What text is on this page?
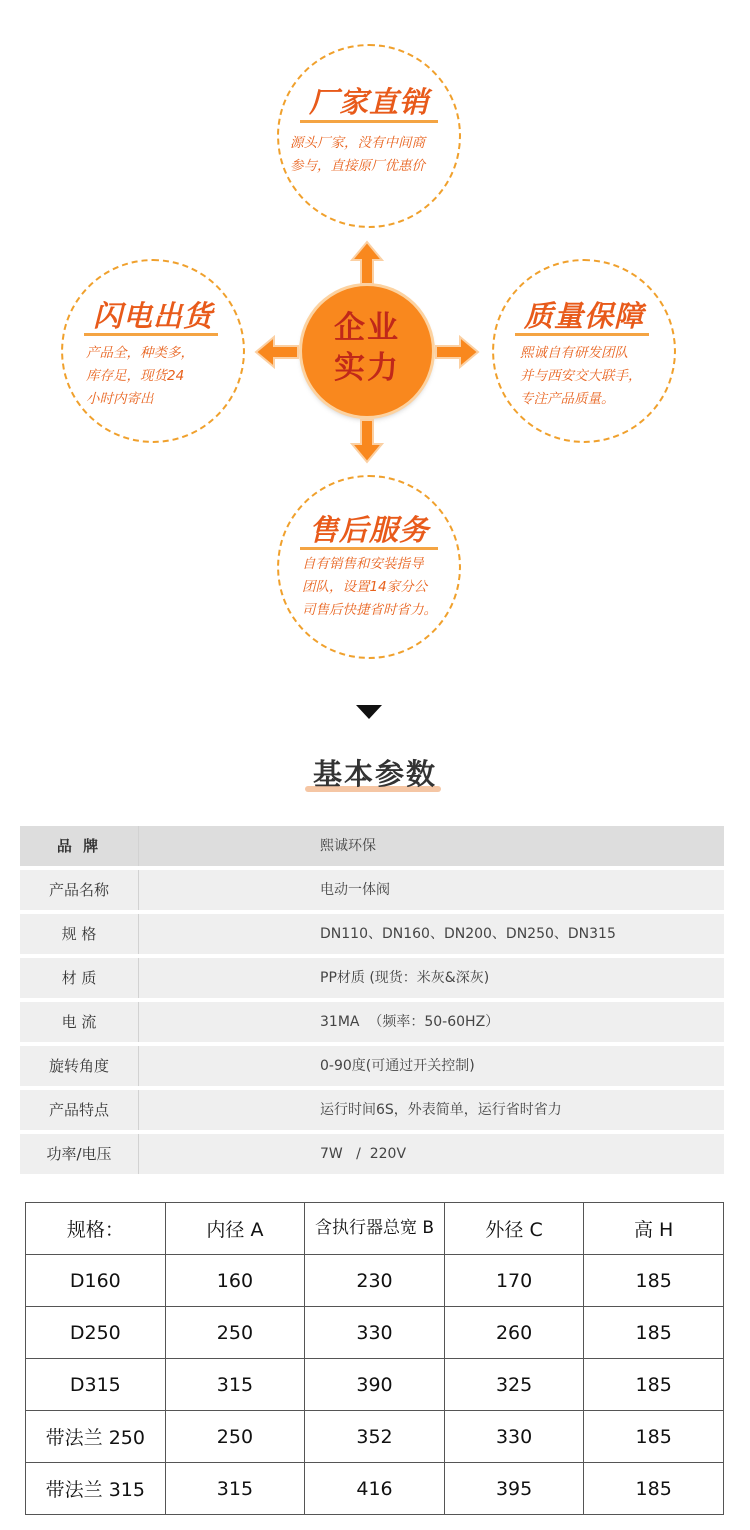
厂家直销
源头厂家，没有中间商
参与，直接原厂优惠价
闪电出货
产品全，种类多，
库存足，现货24
小时内寄出
质量保障
熙诚自有研发团队
并与西安交大联手，
专注产品质量。
售后服务
自有销售和安装指导
团队，设置14家分公
司售后快捷省时省力。
企业
实力
基本参数
品 牌	熙诚环保
产品名称	电动一体阀
规 格	DN110、DN160、DN200、DN250、DN315
材 质	PP材质 (现货：米灰&深灰)
电 流	31MA  （频率：50-60HZ）
旋转角度	0-90度(可通过开关控制)
产品特点	运行时间6S，外表简单，运行省时省力
功率/电压	7W   /  220V
规格：	内径 A	含执行器总宽 B	外径 C	高 H
D160	160	230	170	185
D250	250	330	260	185
D315	315	390	325	185
带法兰 250	250	352	330	185
带法兰 315	315	416	395	185
